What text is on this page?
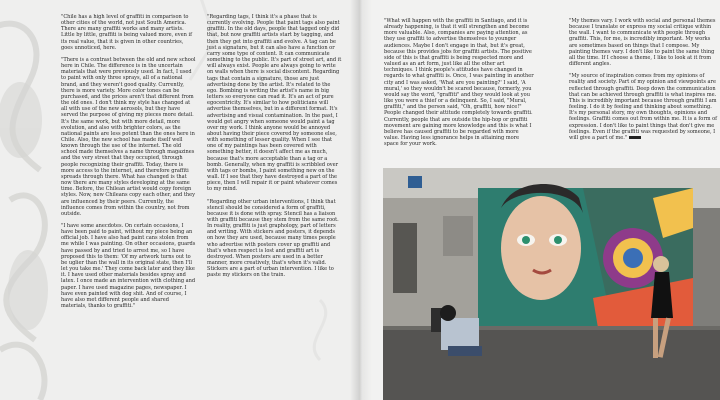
"Chile has a high level of graffiti in comparison to other cities of the world, not just South America. There are many graffiti works and many artists. Little by little, graffiti is being valued more, even if its real value, that it is given in other countries, goes unnoticed, here.

"There is a contrast between the old and new school here in Chile. The difference is in the uncertain materials that were previously used. In fact, I used to paint with only three sprays, all of a national brand, and they weren't good quality. Currently, there is more variety. More color tones can be purchased, and the prices aren't that different from the old ones. I don't think my style has changed at all with use of the new aerosols, but they have served the purpose of giving my pieces more detail. It's the same work, but with more detail, more evolution, and also with brighter colors, as the national paints are less potent than the ones here in Chile. Also, the new school has made itself well known through the use of the internet. The old school made themselves a name through magazines and the very street that they occupied, through people recognizing their graffiti. Today, there is more access to the internet, and therefore graffiti spreads through there. What has changed is that now there are many styles developing at the same time. Before, the Chilean artist would copy foreign styles. Now, new Chileans copy each other, and they are influenced by their peers. Currently, the influence comes from within the country, not from outside.

"I have some anecdotes. On certain occasions, I have been paid to paint, without my piece being an official job. I have also had paint cans stolen from me while I was painting. On other occasions, guards have passed by and tried to arrest me, so I have proposed this to them: 'Of my artwork turns out to be uglier than the wall in its original state, then I'll let you take me.' They come back later and they like it. I have used other materials besides spray and latex. I once made an intervention with clothing and paper. I have used magazine pages, newspaper. I have even painted with dog shit. And of course, I have also met different people and shared materials, thanks to graffiti."

"Regarding tags, I think it's a phase that is currently evolving. People that paint tags also paint graffiti. In the old days, people that tagged only did that, but now graffiti artists start by tagging, and then they get into graffiti and evolve. A tag can be just a signature, but it can also have a function or carry some type of content. It can communicate something to the public. It's part of street art, and it will always exist. People are always going to write on walls when there is social discontent. Regarding tags that contain a signature, those are just advertising done by the artist. It's related to the ego. Bombing is writing the artist's name in big letters so everyone can read it. It's an act of pure egocentricity. It's similar to how politicians will advertise themselves, but in a different format. It's advertising and visual contamination. In the past, I would get angry when someone would paint a tag over my work. I think anyone would be annoyed about having their piece covered by someone else, with something of lesser quality. When I see that one of my paintings has been covered with something better, it doesn't affect me as much, because that's more acceptable than a tag or a bomb. Generally, when my graffiti is scribbled over with tags or bombs, I paint something new on the wall. If I see that they have destroyed a part of the piece, then I will repair it or paint whatever comes to my mind.

"Regarding other urban interventions, I think that stencil should be considered a form of graffiti, because it is done with spray. Stencil has a liaison with graffiti because they stem from the same root. In reality, graffiti is just graphology, part of letters and writing. With stickers and posters, it depends on how they are used, because many times people who advertise with posters cover up graffiti and that's when respect is lost and graffiti art is destroyed. When posters are used in a better manner, more creatively, that's when it's valid. Stickers are a part of urban intervention. I like to paste my stickers on the train.

"What will happen with the graffiti in Santiago, and it is already happening, is that it will strengthen and become more valuable. Also, companies are paying attention, as they use graffiti to advertise themselves to younger audiences. Maybe I don't engage in that, but it's great, because this provides jobs for graffiti artists. The positive side of this is that graffiti is being respected more and valued as an art form, just like all the other art techniques. I think people's attitudes have changed in regards to what graffiti is. Once, I was painting in another city and I was asked, 'What are you painting?' I said, 'A mural,' so they wouldn't be scared because, formerly, you would say the word, "graffiti" and they would look at you like you were a thief or a delinquent. So, I said, "Mural, graffiti," and the person said, "Oh, graffiti, how nice!" People changed their attitude completely towards graffiti. Currently, people that are outside the hip-hop or graffiti movement are gaining more knowledge and this is what I believe has caused graffiti to be regarded with more value. Having less ignorance helps in attaining more space for your work.

"My themes vary. I work with social and personal themes because I translate or express my social critique within the wall. I want to communicate with people through graffiti. This, for me, is incredibly important. My works are sometimes based on things that I compose. My painting themes vary. I don't like to paint the same thing all the time. If I choose a theme, I like to look at it from different angles.

"My source of inspiration comes from my opinions of reality and society. Part of my opinion and viewpoints are reflected through graffiti. Deep down the communication that can be achieved through graffiti is what inspires me. This is incredibly important because through graffiti I am feeling. I do it by feeling and thinking about something. It's my personal story, my own thoughts, opinions and feelings. Graffiti comes out from within me. It is a form of expression. I don't like to paint things that don't give me feelings. Even if the graffiti was requested by someone, I will give a part of me."
